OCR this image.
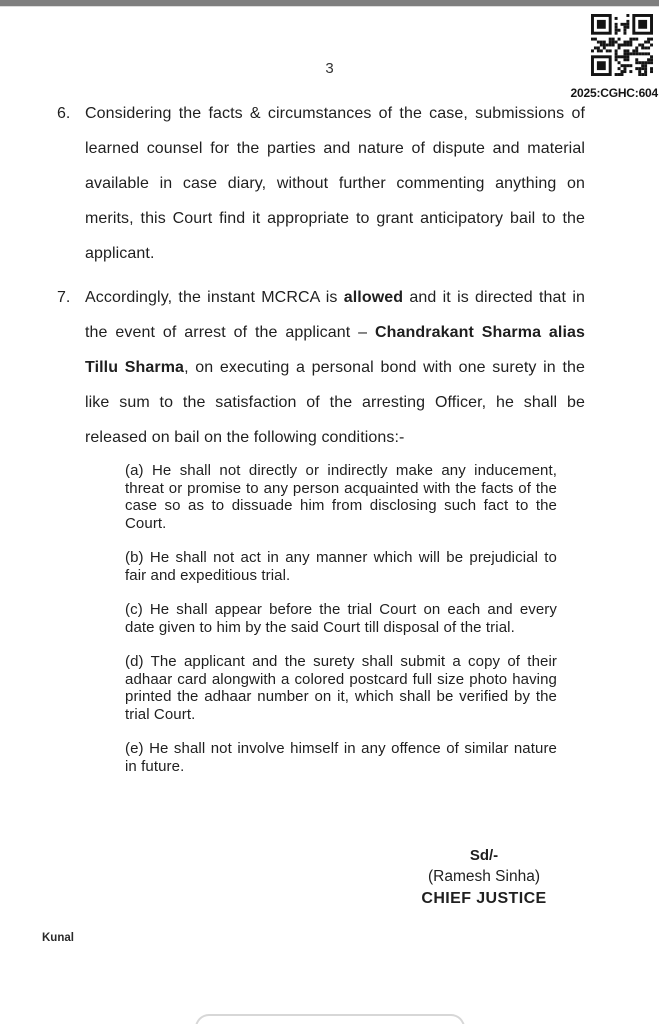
2025:CGHC:604
3
6. Considering the facts & circumstances of the case, submissions of learned counsel for the parties and nature of dispute and material available in case diary, without further commenting anything on merits, this Court find it appropriate to grant anticipatory bail to the applicant.
7. Accordingly, the instant MCRCA is allowed and it is directed that in the event of arrest of the applicant – Chandrakant Sharma alias Tillu Sharma, on executing a personal bond with one surety in the like sum to the satisfaction of the arresting Officer, he shall be released on bail on the following conditions:-
(a) He shall not directly or indirectly make any inducement, threat or promise to any person acquainted with the facts of the case so as to dissuade him from disclosing such fact to the Court.
(b) He shall not act in any manner which will be prejudicial to fair and expeditious trial.
(c) He shall appear before the trial Court on each and every date given to him by the said Court till disposal of the trial.
(d) The applicant and the surety shall submit a copy of their adhaar card alongwith a colored postcard full size photo having printed the adhaar number on it, which shall be verified by the trial Court.
(e) He shall not involve himself in any offence of similar nature in future.
Sd/-
(Ramesh Sinha)
CHIEF JUSTICE
Kunal
